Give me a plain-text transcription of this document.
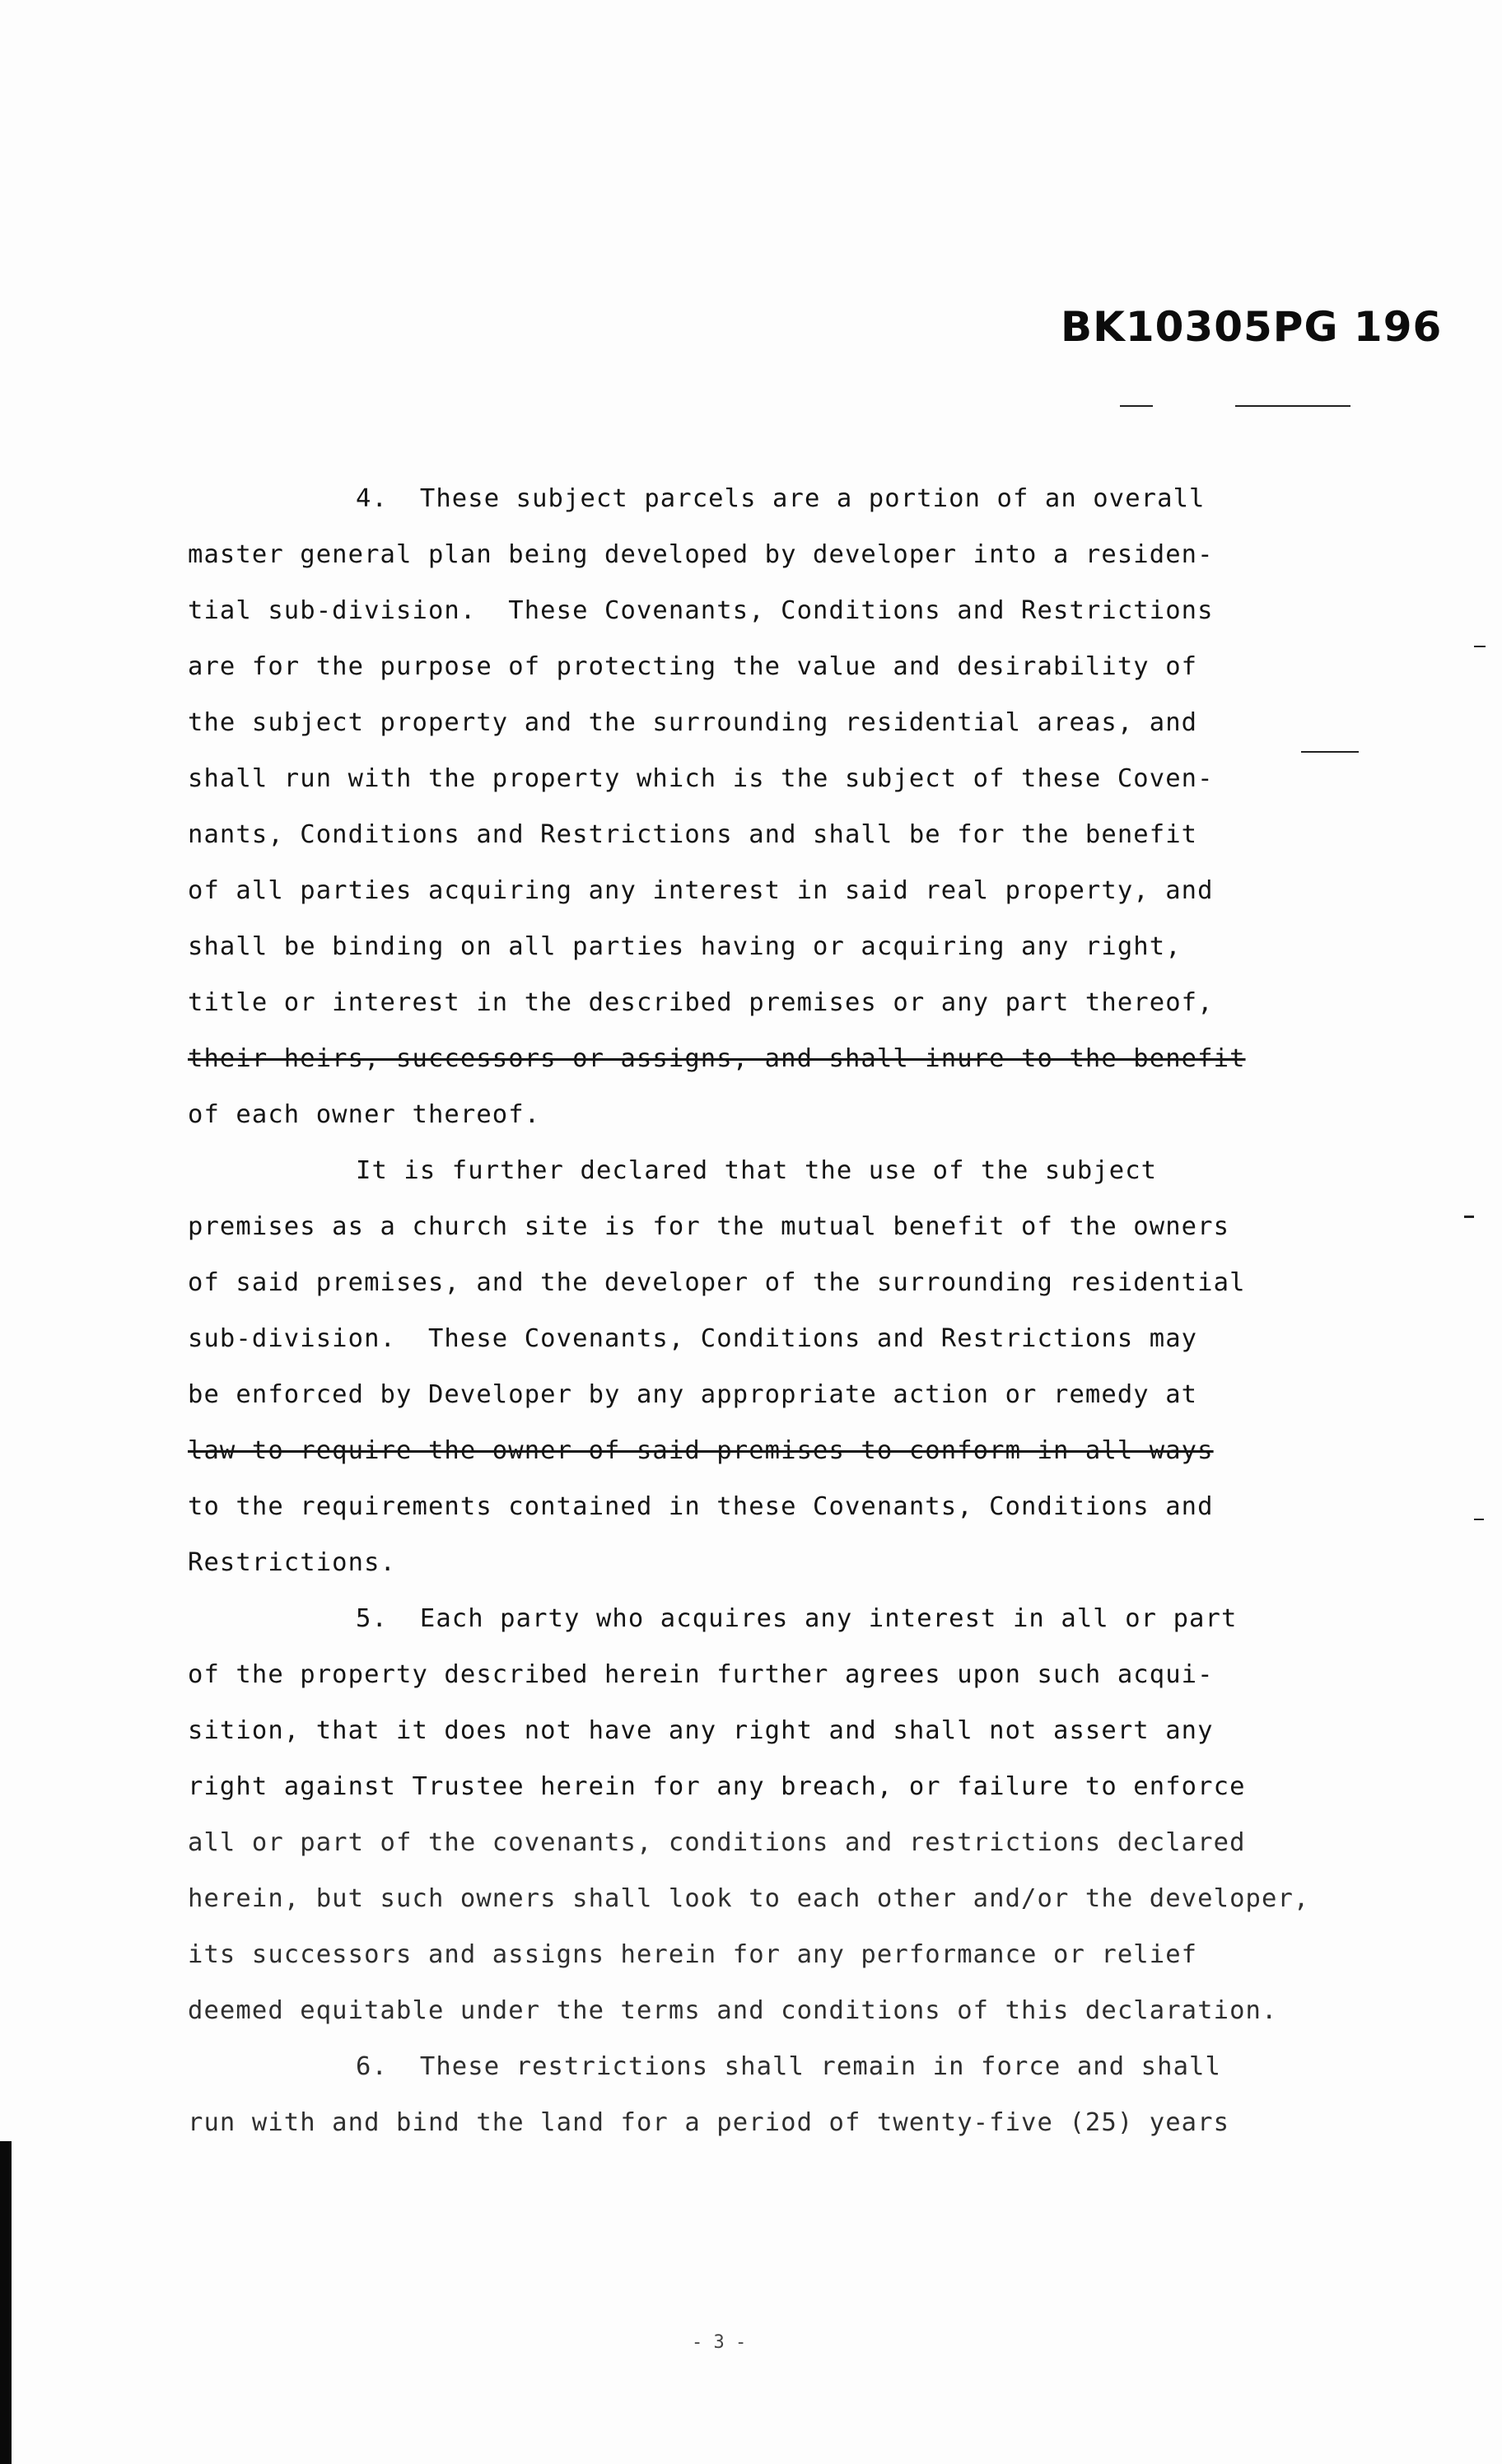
BK10305PG 196
4.  These subject parcels are a portion of an overall
master general plan being developed by developer into a residen-
tial sub-division.  These Covenants, Conditions and Restrictions
are for the purpose of protecting the value and desirability of
the subject property and the surrounding residential areas, and
shall run with the property which is the subject of these Coven-
nants, Conditions and Restrictions and shall be for the benefit
of all parties acquiring any interest in said real property, and
shall be binding on all parties having or acquiring any right,
title or interest in the described premises or any part thereof,
their heirs, successors or assigns, and shall inure to the benefit
of each owner thereof.
It is further declared that the use of the subject
premises as a church site is for the mutual benefit of the owners
of said premises, and the developer of the surrounding residential
sub-division.  These Covenants, Conditions and Restrictions may
be enforced by Developer by any appropriate action or remedy at
law to require the owner of said premises to conform in all ways
to the requirements contained in these Covenants, Conditions and
Restrictions.
5.  Each party who acquires any interest in all or part
of the property described herein further agrees upon such acqui-
sition, that it does not have any right and shall not assert any
right against Trustee herein for any breach, or failure to enforce
all or part of the covenants, conditions and restrictions declared
herein, but such owners shall look to each other and/or the developer,
its successors and assigns herein for any performance or relief
deemed equitable under the terms and conditions of this declaration.
6.  These restrictions shall remain in force and shall
run with and bind the land for a period of twenty-five (25) years
- 3 -
